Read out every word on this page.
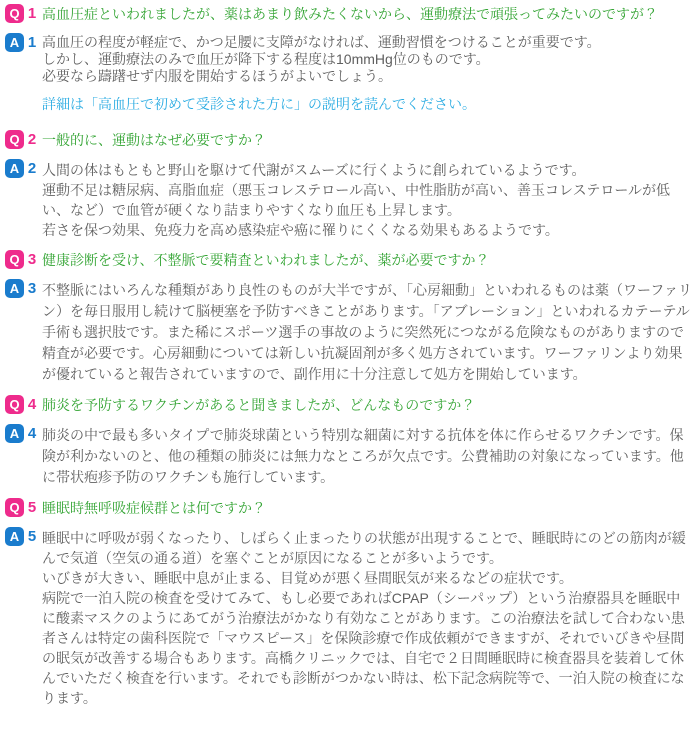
Q 1 高血圧症といわれましたが、薬はあまり飲みたくないから、運動療法で頑張ってみたいのですが？
A 1 高血圧の程度が軽症で、かつ足腰に支障がなければ、運動習慣をつけることが重要です。
しかし、運動療法のみで血圧が降下する程度は10mmHg位のものです。
必要なら躊躇せず内服を開始するほうがよいでしょう。
詳細は「高血圧で初めて受診された方に」の説明を読んでください。
Q 2 一般的に、運動はなぜ必要ですか？
A 2 人間の体はもともと野山を駆けて代謝がスムーズに行くように創られているようです。
運動不足は糖尿病、高脂血症（悪玉コレステロール高い、中性脂肪が高い、善玉コレステロールが低い、など）で血管が硬くなり詰まりやすくなり血圧も上昇します。
若さを保つ効果、免疫力を高め感染症や癌に罹りにくくなる効果もあるようです。
Q 3 健康診断を受け、不整脈で要精査といわれましたが、薬が必要ですか？
A 3 不整脈にはいろんな種類があり良性のものが大半ですが、「心房細動」といわれるものは薬（ワーファリン）を毎日服用し続けて脳梗塞を予防すべきことがあります。「アブレーション」といわれるカテーテル手術も選択肢です。また稀にスポーツ選手の事故のように突然死につながる危険なものがありますので精査が必要です。心房細動については新しい抗凝固剤が多く処方されています。ワーファリンより効果が優れていると報告されていますので、副作用に十分注意して処方を開始しています。
Q 4 肺炎を予防するワクチンがあると聞きましたが、どんなものですか？
A 4 肺炎の中で最も多いタイプで肺炎球菌という特別な細菌に対する抗体を体に作らせるワクチンです。保険が利かないのと、他の種類の肺炎には無力なところが欠点です。公費補助の対象になっています。他に帯状疱疹予防のワクチンも施行しています。
Q 5 睡眠時無呼吸症候群とは何ですか？
A 5 睡眠中に呼吸が弱くなったり、しばらく止まったりの状態が出現することで、睡眠時にのどの筋肉が緩んで気道（空気の通る道）を塞ぐことが原因になることが多いようです。
いびきが大きい、睡眠中息が止まる、目覚めが悪く昼間眠気が来るなどの症状です。
病院で一泊入院の検査を受けてみて、もし必要であればCPAP（シーパップ）という治療器具を睡眠中に酸素マスクのようにあてがう治療法がかなり有効なことがあります。この治療法を試して合わない患者さんは特定の歯科医院で「マウスピース」を保険診療で作成依頼ができますが、それでいびきや昼間の眠気が改善する場合もあります。高橋クリニックでは、自宅で２日間睡眠時に検査器具を装着して休んでいただく検査を行います。それでも診断がつかない時は、松下記念病院等で、一泊入院の検査になります。
